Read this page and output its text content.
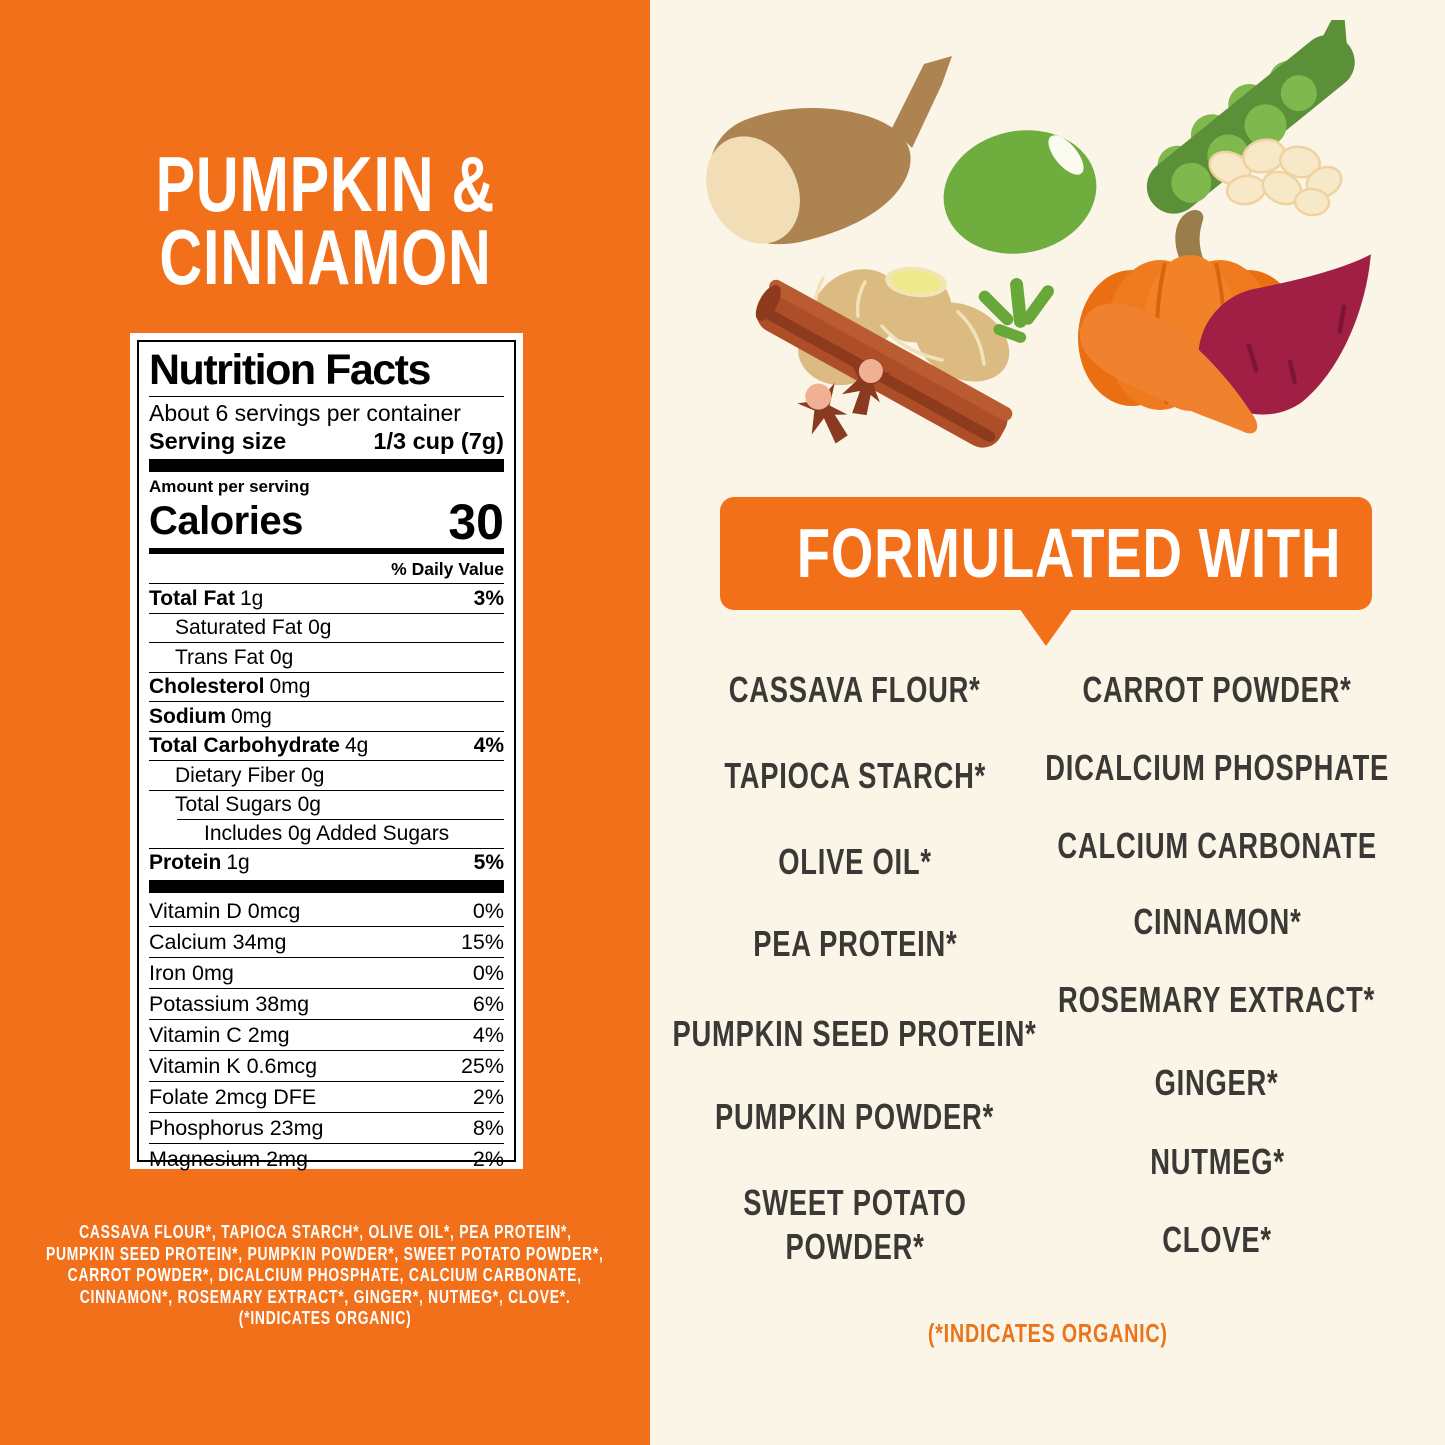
PUMPKIN &
CINNAMON
Nutrition Facts
About 6 servings per container
Serving size	1/3 cup (7g)
Amount per serving
Calories	30
% Daily Value
Total Fat 1g	3%
Saturated Fat 0g
Trans Fat 0g
Cholesterol 0mg
Sodium 0mg
Total Carbohydrate 4g	4%
Dietary Fiber 0g
Total Sugars 0g
Includes 0g Added Sugars
Protein 1g	5%
Vitamin D 0mcg	0%
Calcium 34mg	15%
Iron 0mg	0%
Potassium 38mg	6%
Vitamin C 2mg	4%
Vitamin K 0.6mcg	25%
Folate 2mcg DFE	2%
Phosphorus 23mg	8%
Magnesium 2mg	2%
CASSAVA FLOUR*, TAPIOCA STARCH*, OLIVE OIL*, PEA PROTEIN*,
PUMPKIN SEED PROTEIN*, PUMPKIN POWDER*, SWEET POTATO POWDER*,
CARROT POWDER*, DICALCIUM PHOSPHATE, CALCIUM CARBONATE,
CINNAMON*, ROSEMARY EXTRACT*, GINGER*, NUTMEG*, CLOVE*.
(*INDICATES ORGANIC)
FORMULATED WITH
CASSAVA FLOUR*
TAPIOCA STARCH*
OLIVE OIL*
PEA PROTEIN*
PUMPKIN SEED PROTEIN*
PUMPKIN POWDER*
SWEET POTATO POWDER*
CARROT POWDER*
DICALCIUM PHOSPHATE
CALCIUM CARBONATE
CINNAMON*
ROSEMARY EXTRACT*
GINGER*
NUTMEG*
CLOVE*
(*INDICATES ORGANIC)
